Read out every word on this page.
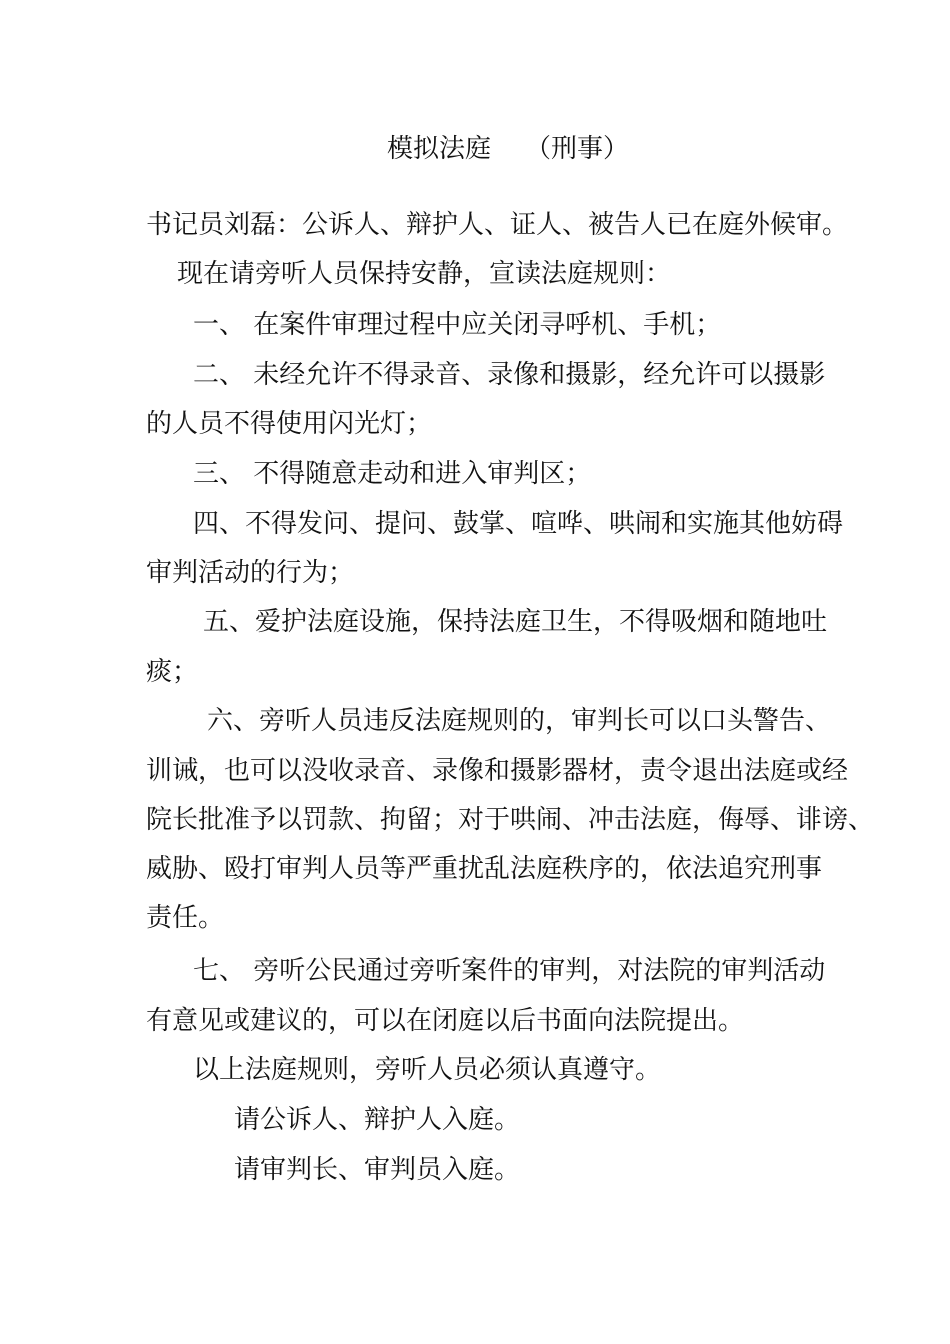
模拟法庭 （刑事）
书记员刘磊：公诉人、辩护人、证人、被告人已在庭外候审。
现在请旁听人员保持安静，宣读法庭规则：
一、 在案件审理过程中应关闭寻呼机、手机；
二、 未经允许不得录音、录像和摄影，经允许可以摄影
的人员不得使用闪光灯；
三、 不得随意走动和进入审判区；
四、不得发问、提问、鼓掌、喧哗、哄闹和实施其他妨碍
审判活动的行为；
五、爱护法庭设施，保持法庭卫生，不得吸烟和随地吐
痰；
六、旁听人员违反法庭规则的，审判长可以口头警告、
训诫，也可以没收录音、录像和摄影器材，责令退出法庭或经
院长批准予以罚款、拘留；对于哄闹、冲击法庭，侮辱、诽谤、
威胁、殴打审判人员等严重扰乱法庭秩序的，依法追究刑事
责任。
七、 旁听公民通过旁听案件的审判，对法院的审判活动
有意见或建议的，可以在闭庭以后书面向法院提出。
以上法庭规则，旁听人员必须认真遵守。
请公诉人、辩护人入庭。
请审判长、审判员入庭。
